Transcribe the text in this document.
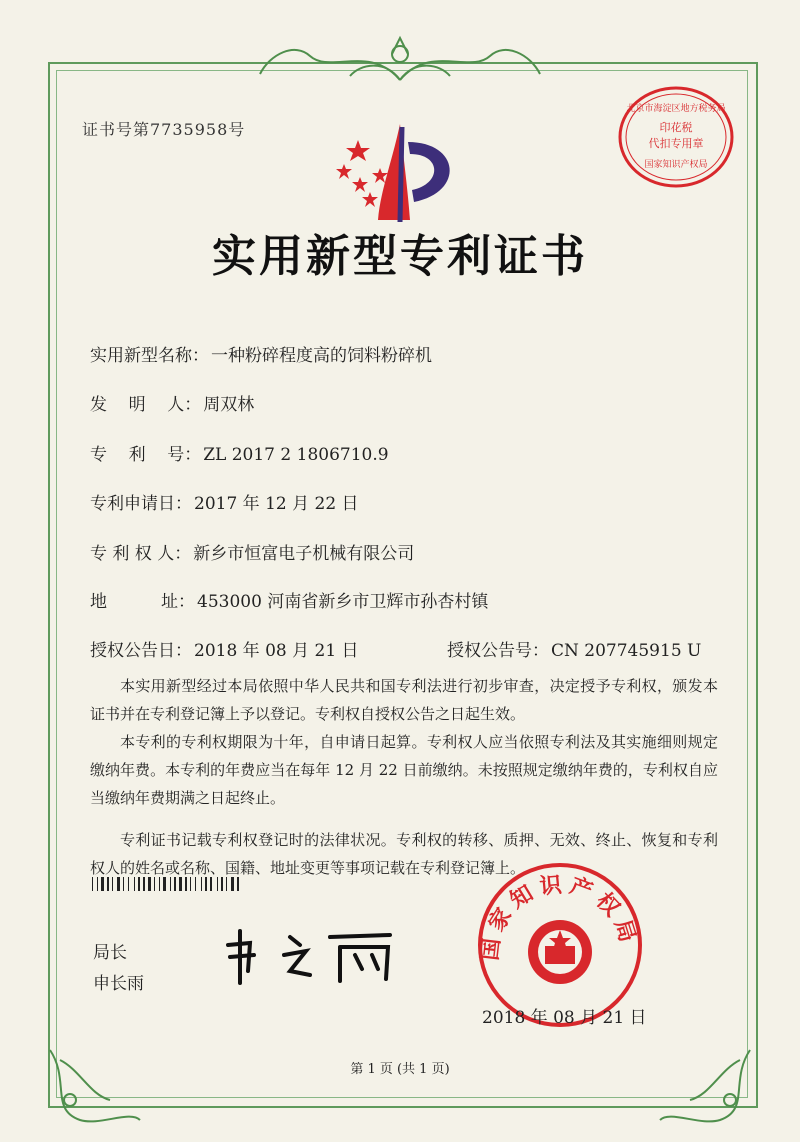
证书号第7735958号
北京市海淀区地方税务局
印花税
代扣专用章
国家知识产权局
实用新型专利证书
实用新型名称： 一种粉碎程度高的饲料粉碎机
发    明    人： 周双林
专    利    号： ZL 2017 2 1806710.9
专利申请日： 2017 年 12 月 22 日
专 利 权 人： 新乡市恒富电子机械有限公司
地          址： 453000 河南省新乡市卫辉市孙杏村镇
授权公告日： 2018 年 08 月 21 日	授权公告号： CN 207745915 U

本实用新型经过本局依照中华人民共和国专利法进行初步审查，决定授予专利权，颁发本证书并在专利登记簿上予以登记。专利权自授权公告之日起生效。

本专利的专利权期限为十年，自申请日起算。专利权人应当依照专利法及其实施细则规定缴纳年费。本专利的年费应当在每年 12 月 22 日前缴纳。未按照规定缴纳年费的，专利权自应当缴纳年费期满之日起终止。

专利证书记载专利权登记时的法律状况。专利权的转移、质押、无效、终止、恢复和专利权人的姓名或名称、国籍、地址变更等事项记载在专利登记簿上。

局长
申长雨
国家知识产权局
2018 年 08 月 21 日
第 1 页 (共 1 页)
